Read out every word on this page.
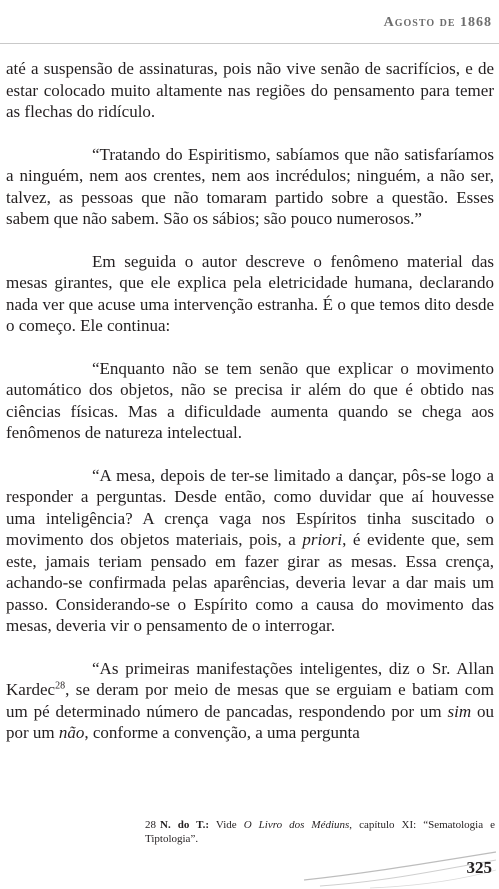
Agosto de 1868

até a suspensão de assinaturas, pois não vive senão de sacrifícios, e de estar colocado muito altamente nas regiões do pensamento para temer as flechas do ridículo.

“Tratando do Espiritismo, sabíamos que não satisfaríamos a ninguém, nem aos crentes, nem aos incrédulos; ninguém, a não ser, talvez, as pessoas que não tomaram partido sobre a questão. Esses sabem que não sabem. São os sábios; são pouco numerosos.”

Em seguida o autor descreve o fenômeno material das mesas girantes, que ele explica pela eletricidade humana, declarando nada ver que acuse uma intervenção estranha. É o que temos dito desde o começo. Ele continua:

“Enquanto não se tem senão que explicar o movimento automático dos objetos, não se precisa ir além do que é obtido nas ciências físicas. Mas a dificuldade aumenta quando se chega aos fenômenos de natureza intelectual.

“A mesa, depois de ter-se limitado a dançar, pôs-se logo a responder a perguntas. Desde então, como duvidar que aí houvesse uma inteligência? A crença vaga nos Espíritos tinha suscitado o movimento dos objetos materiais, pois, a priori, é evidente que, sem este, jamais teriam pensado em fazer girar as mesas. Essa crença, achando-se confirmada pelas aparências, deveria levar a dar mais um passo. Considerando-se o Espírito como a causa do movimento das mesas, deveria vir o pensamento de o interrogar.

“As primeiras manifestações inteligentes, diz o Sr. Allan Kardec$^{28}$, se deram por meio de mesas que se erguiam e batiam com um pé determinado número de pancadas, respondendo por um sim ou por um não, conforme a convenção, a uma pergunta

28 N. do T.: Vide O Livro dos Médiuns, capítulo XI: “Sematologia e Tiptologia”.
325
